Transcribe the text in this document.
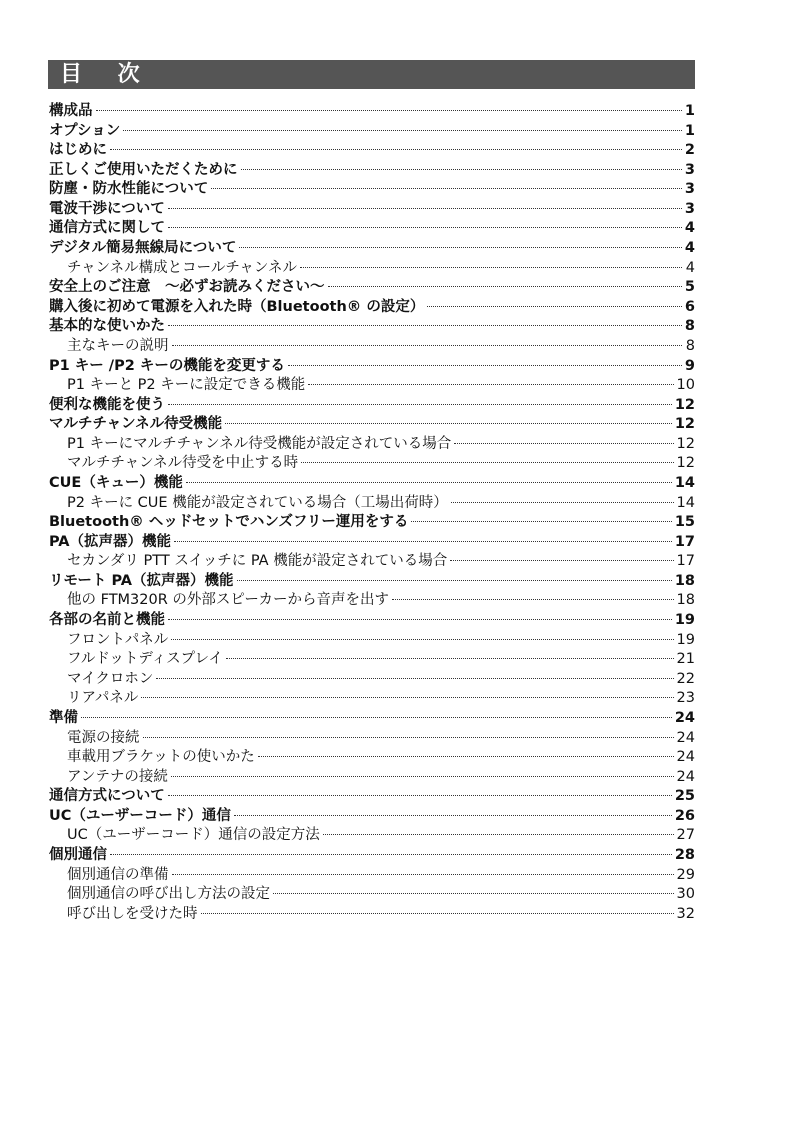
目 次
構成品	1
オプション	1
はじめに	2
正しくご使用いただくために	3
防塵・防水性能について	3
電波干渉について	3
通信方式に関して	4
デジタル簡易無線局について	4
チャンネル構成とコールチャンネル	4
安全上のご注意　～必ずお読みください～	5
購入後に初めて電源を入れた時（Bluetooth® の設定）	6
基本的な使いかた	8
主なキーの説明	8
P1 キー /P2 キーの機能を変更する	9
P1 キーと P2 キーに設定できる機能	10
便利な機能を使う	12
マルチチャンネル待受機能	12
P1 キーにマルチチャンネル待受機能が設定されている場合	12
マルチチャンネル待受を中止する時	12
CUE（キュー）機能	14
P2 キーに CUE 機能が設定されている場合（工場出荷時）	14
Bluetooth® ヘッドセットでハンズフリー運用をする	15
PA（拡声器）機能	17
セカンダリ PTT スイッチに PA 機能が設定されている場合	17
リモート PA（拡声器）機能	18
他の FTM320R の外部スピーカーから音声を出す	18
各部の名前と機能	19
フロントパネル	19
フルドットディスプレイ	21
マイクロホン	22
リアパネル	23
準備	24
電源の接続	24
車載用ブラケットの使いかた	24
アンテナの接続	24
通信方式について	25
UC（ユーザーコード）通信	26
UC（ユーザーコード）通信の設定方法	27
個別通信	28
個別通信の準備	29
個別通信の呼び出し方法の設定	30
呼び出しを受けた時	32
